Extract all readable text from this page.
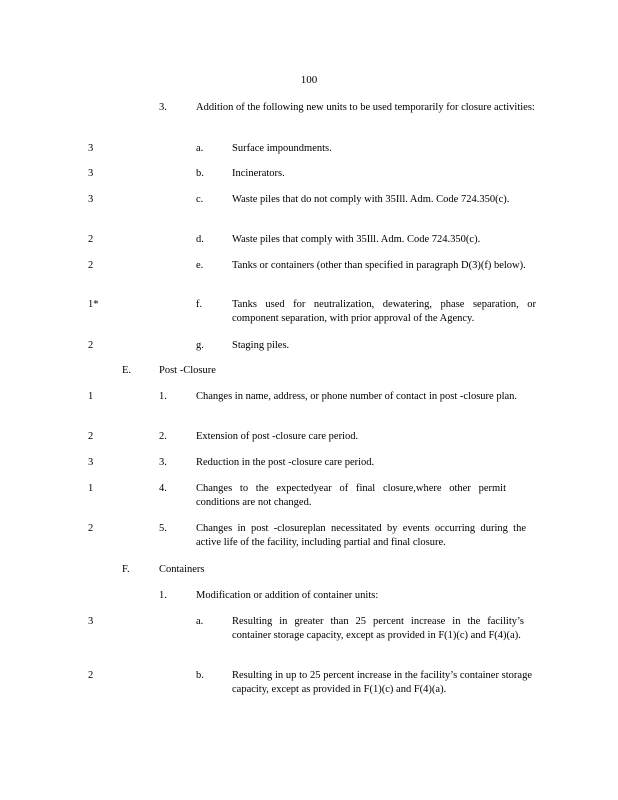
100
3.	Addition of the following new units to be used temporarily for closure activities:
3	a.	Surface impoundments.
3	b.	Incinerators.
3	c.	Waste piles that do not comply with 35Ill. Adm. Code 724.350(c).
2	d.	Waste piles that comply with 35Ill. Adm. Code 724.350(c).
2	e.	Tanks or containers (other than specified in paragraph D(3)(f) below).
1*	f.	Tanks used for neutralization, dewatering, phase separation, or component separation, with prior approval of the Agency.
2	g.	Staging piles.
E.	Post -Closure
1	1.	Changes in name, address, or phone number of contact in post -closure plan.
2	2.	Extension of post -closure care period.
3	3.	Reduction in the post -closure care period.
1	4.	Changes to the expectedyear of final closure,where other permit conditions are not changed.
2	5.	Changes in post -closureplan necessitated by events occurring during the active life of the facility, including partial and final closure.
F.	Containers
1.	Modification or addition of container units:
3	a.	Resulting in greater than 25 percent increase in the facility’s container storage capacity, except as provided in F(1)(c) and F(4)(a).
2	b.	Resulting in up to 25 percent increase in the facility’s container storage capacity, except as provided in F(1)(c) and F(4)(a).
